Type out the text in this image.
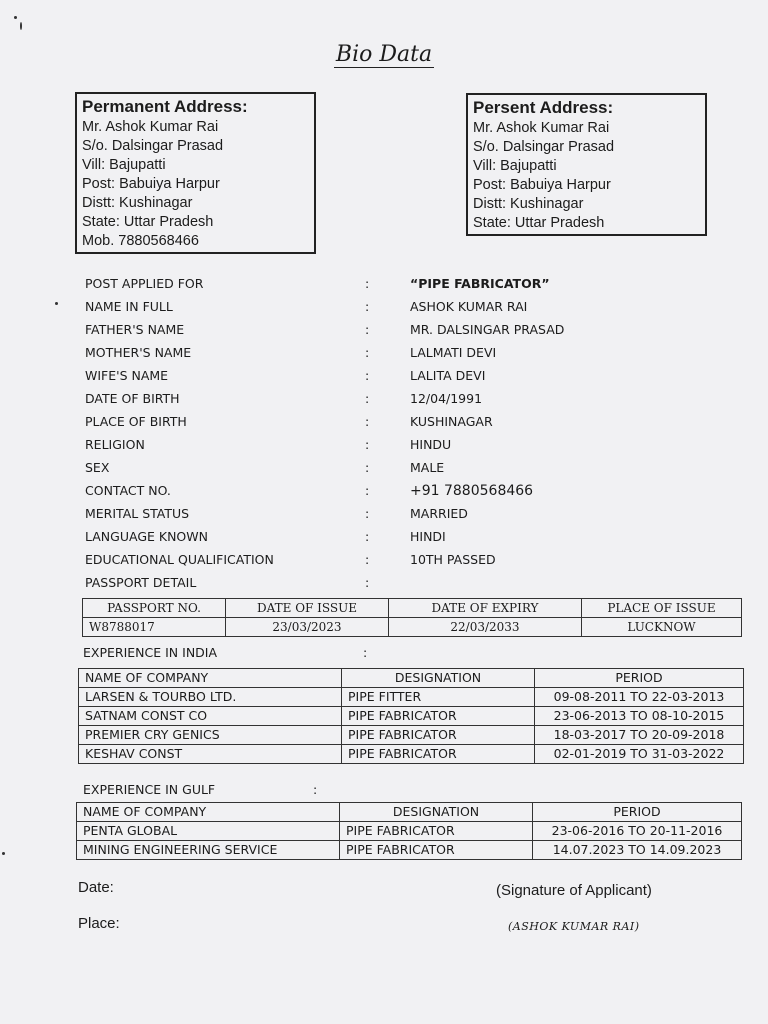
Bio Data
Permanent Address:
Mr. Ashok Kumar Rai
S/o. Dalsingar Prasad
Vill: Bajupatti
Post: Babuiya Harpur
Distt: Kushinagar
State: Uttar Pradesh
Mob. 7880568466
Persent Address:
Mr. Ashok Kumar Rai
S/o. Dalsingar Prasad
Vill: Bajupatti
Post: Babuiya Harpur
Distt: Kushinagar
State: Uttar Pradesh
POST APPLIED FOR	:	“PIPE FABRICATOR”
NAME IN FULL	:	ASHOK KUMAR RAI
FATHER'S NAME	:	MR. DALSINGAR PRASAD
MOTHER'S NAME	:	LALMATI DEVI
WIFE'S NAME	:	LALITA DEVI
DATE OF BIRTH	:	12/04/1991
PLACE OF BIRTH	:	KUSHINAGAR
RELIGION	:	HINDU
SEX	:	MALE
CONTACT NO.	:	+91 7880568466
MERITAL STATUS	:	MARRIED
LANGUAGE KNOWN	:	HINDI
EDUCATIONAL QUALIFICATION	:	10TH PASSED
PASSPORT DETAIL	:
PASSPORT NO.	DATE OF ISSUE	DATE OF EXPIRY	PLACE OF ISSUE
W8788017	23/03/2023	22/03/2033	LUCKNOW
EXPERIENCE IN INDIA	:
NAME OF COMPANY	DESIGNATION	PERIOD
LARSEN & TOURBO LTD.	PIPE FITTER	09-08-2011 TO 22-03-2013
SATNAM CONST CO	PIPE FABRICATOR	23-06-2013 TO 08-10-2015
PREMIER CRY GENICS	PIPE FABRICATOR	18-03-2017 TO 20-09-2018
KESHAV CONST	PIPE FABRICATOR	02-01-2019 TO 31-03-2022
EXPERIENCE IN GULF	:
NAME OF COMPANY	DESIGNATION	PERIOD
PENTA GLOBAL	PIPE FABRICATOR	23-06-2016 TO 20-11-2016
MINING ENGINEERING SERVICE	PIPE FABRICATOR	14.07.2023 TO 14.09.2023
Date:
Place:
(Signature of Applicant)
(ASHOK KUMAR RAI)
